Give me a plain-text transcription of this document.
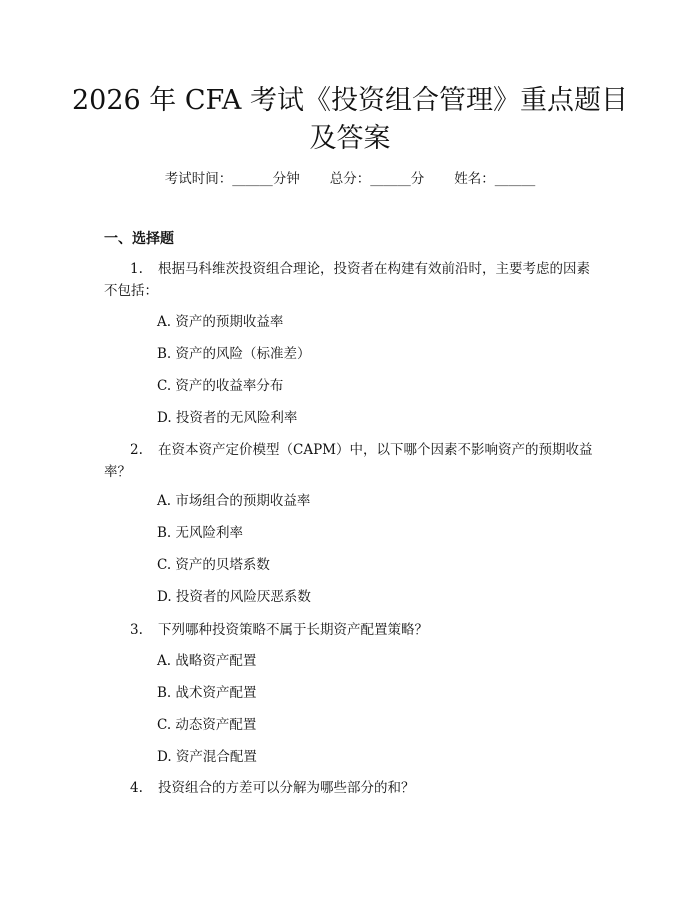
2026 年 CFA 考试《投资组合管理》重点题目及答案
考试时间：______分钟 总分：______分 姓名：______
一、选择题
1. 根据马科维茨投资组合理论，投资者在构建有效前沿时，主要考虑的因素不包括：
A. 资产的预期收益率
B. 资产的风险（标准差）
C. 资产的收益率分布
D. 投资者的无风险利率
2. 在资本资产定价模型（CAPM）中，以下哪个因素不影响资产的预期收益率？
A. 市场组合的预期收益率
B. 无风险利率
C. 资产的贝塔系数
D. 投资者的风险厌恶系数
3. 下列哪种投资策略不属于长期资产配置策略？
A. 战略资产配置
B. 战术资产配置
C. 动态资产配置
D. 资产混合配置
4. 投资组合的方差可以分解为哪些部分的和？
